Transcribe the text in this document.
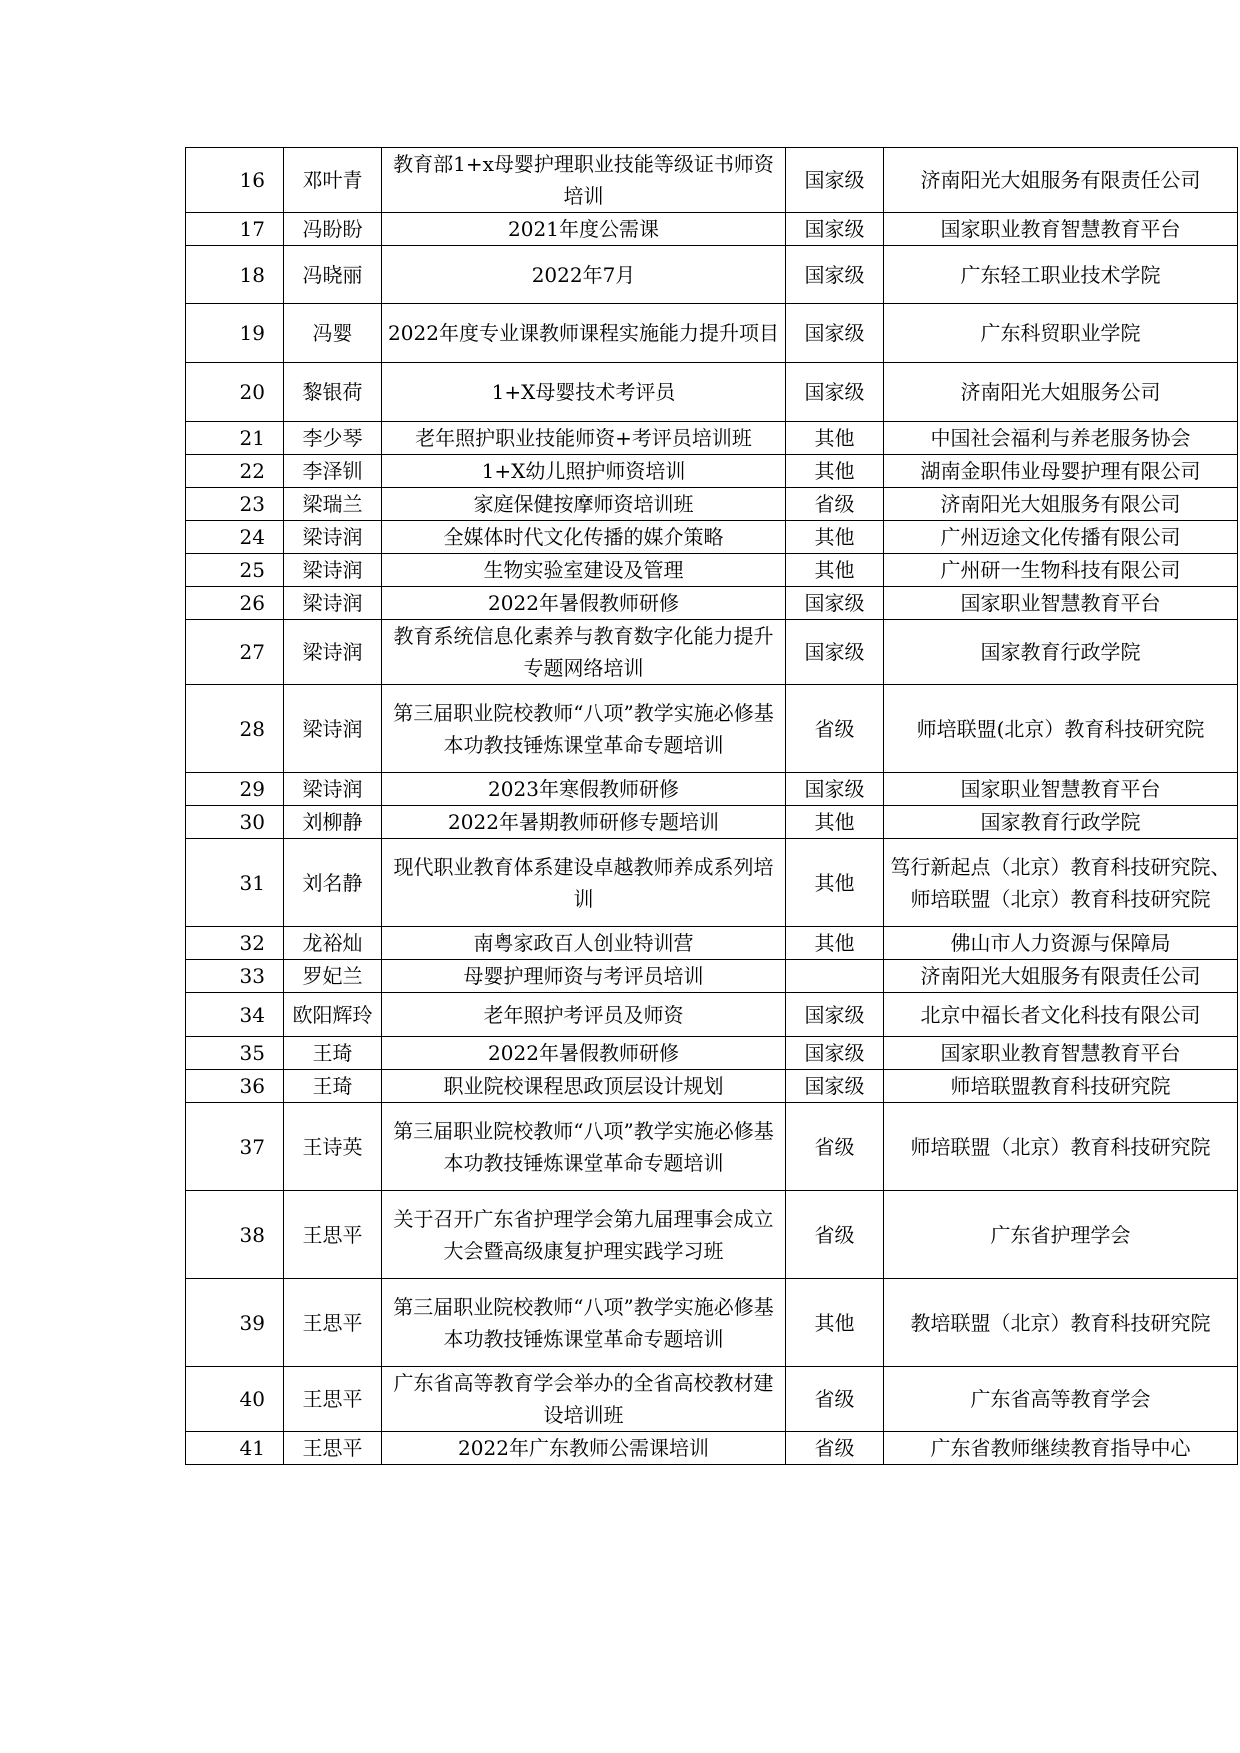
16	邓叶青	教育部1+x母婴护理职业技能等级证书师资培训	国家级	济南阳光大姐服务有限责任公司
17	冯盼盼	2021年度公需课	国家级	国家职业教育智慧教育平台
18	冯晓丽	2022年7月	国家级	广东轻工职业技术学院
19	冯婴	2022年度专业课教师课程实施能力提升项目	国家级	广东科贸职业学院
20	黎银荷	1+X母婴技术考评员	国家级	济南阳光大姐服务公司
21	李少琴	老年照护职业技能师资+考评员培训班	其他	中国社会福利与养老服务协会
22	李泽钏	1+X幼儿照护师资培训	其他	湖南金职伟业母婴护理有限公司
23	梁瑞兰	家庭保健按摩师资培训班	省级	济南阳光大姐服务有限公司
24	梁诗润	全媒体时代文化传播的媒介策略	其他	广州迈途文化传播有限公司
25	梁诗润	生物实验室建设及管理	其他	广州研一生物科技有限公司
26	梁诗润	2022年暑假教师研修	国家级	国家职业智慧教育平台
27	梁诗润	教育系统信息化素养与教育数字化能力提升专题网络培训	国家级	国家教育行政学院
28	梁诗润	第三届职业院校教师“八项”教学实施必修基本功教技锤炼课堂革命专题培训	省级	师培联盟(北京）教育科技研究院
29	梁诗润	2023年寒假教师研修	国家级	国家职业智慧教育平台
30	刘柳静	2022年暑期教师研修专题培训	其他	国家教育行政学院
31	刘名静	现代职业教育体系建设卓越教师养成系列培训	其他	笃行新起点（北京）教育科技研究院、师培联盟（北京）教育科技研究院
32	龙裕灿	南粤家政百人创业特训营	其他	佛山市人力资源与保障局
33	罗妃兰	母婴护理师资与考评员培训		济南阳光大姐服务有限责任公司
34	欧阳辉玲	老年照护考评员及师资	国家级	北京中福长者文化科技有限公司
35	王琦	2022年暑假教师研修	国家级	国家职业教育智慧教育平台
36	王琦	职业院校课程思政顶层设计规划	国家级	师培联盟教育科技研究院
37	王诗英	第三届职业院校教师“八项”教学实施必修基本功教技锤炼课堂革命专题培训	省级	师培联盟（北京）教育科技研究院
38	王思平	关于召开广东省护理学会第九届理事会成立大会暨高级康复护理实践学习班	省级	广东省护理学会
39	王思平	第三届职业院校教师“八项”教学实施必修基本功教技锤炼课堂革命专题培训	其他	教培联盟（北京）教育科技研究院
40	王思平	广东省高等教育学会举办的全省高校教材建设培训班	省级	广东省高等教育学会
41	王思平	2022年广东教师公需课培训	省级	广东省教师继续教育指导中心
